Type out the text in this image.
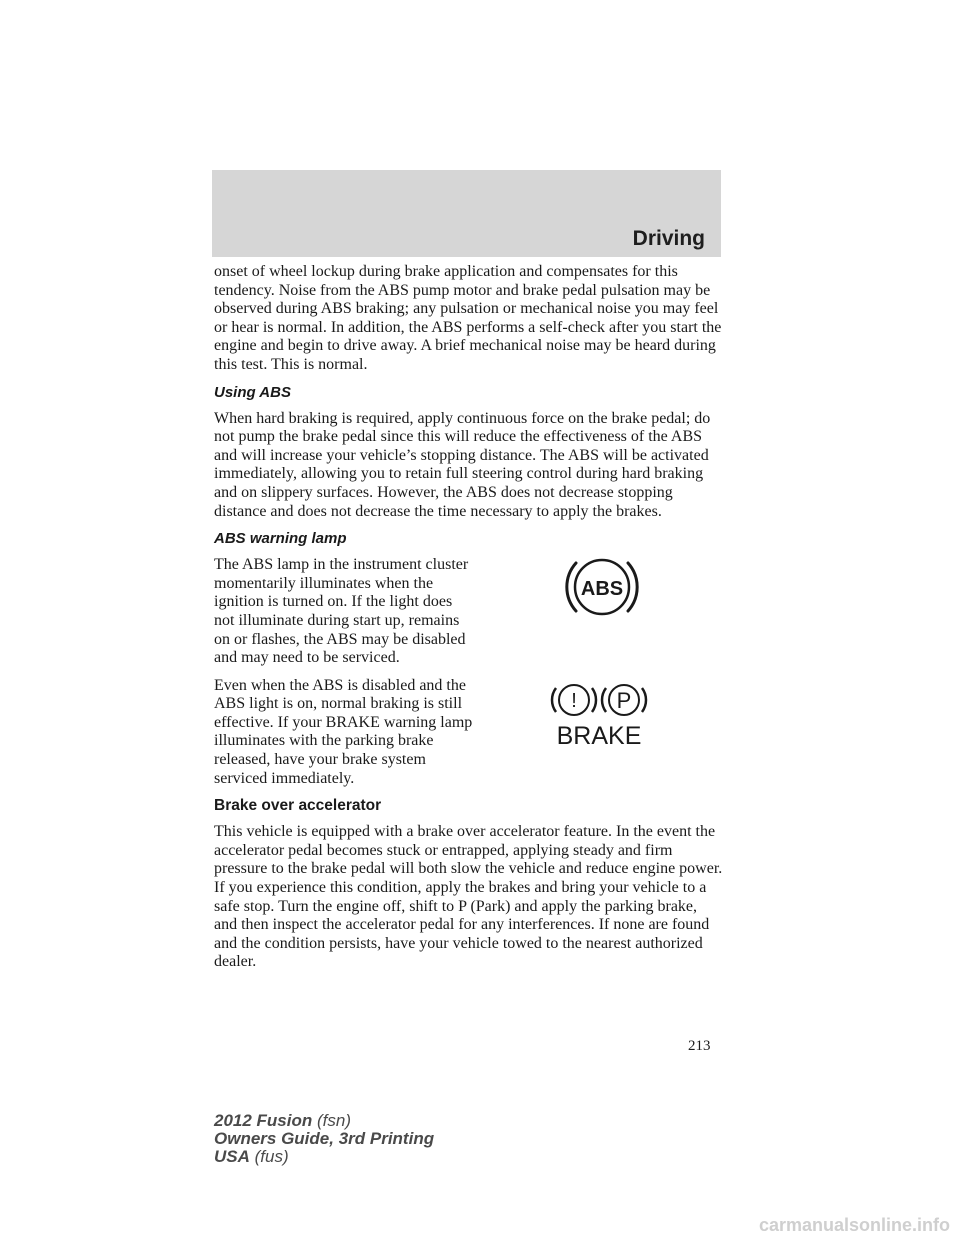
Driving

onset of wheel lockup during brake application and compensates for this tendency. Noise from the ABS pump motor and brake pedal pulsation may be observed during ABS braking; any pulsation or mechanical noise you may feel or hear is normal. In addition, the ABS performs a self-check after you start the engine and begin to drive away. A brief mechanical noise may be heard during this test. This is normal.

Using ABS

When hard braking is required, apply continuous force on the brake pedal; do not pump the brake pedal since this will reduce the effectiveness of the ABS and will increase your vehicle’s stopping distance. The ABS will be activated immediately, allowing you to retain full steering control during hard braking and on slippery surfaces. However, the ABS does not decrease stopping distance and does not decrease the time necessary to apply the brakes.

ABS warning lamp
ABS

The ABS lamp in the instrument cluster momentarily illuminates when the ignition is turned on. If the light does not illuminate during start up, remains on or flashes, the ABS may be disabled and may need to be serviced.

! P
BRAKE

Even when the ABS is disabled and the ABS light is on, normal braking is still effective. If your BRAKE warning lamp illuminates with the parking brake released, have your brake system serviced immediately.

Brake over accelerator

This vehicle is equipped with a brake over accelerator feature. In the event the accelerator pedal becomes stuck or entrapped, applying steady and firm pressure to the brake pedal will both slow the vehicle and reduce engine power. If you experience this condition, apply the brakes and bring your vehicle to a safe stop. Turn the engine off, shift to P (Park) and apply the parking brake, and then inspect the accelerator pedal for any interferences. If none are found and the condition persists, have your vehicle towed to the nearest authorized dealer.

213
2012 Fusion (fsn)
Owners Guide, 3rd Printing
USA (fus)
carmanualsonline.info
